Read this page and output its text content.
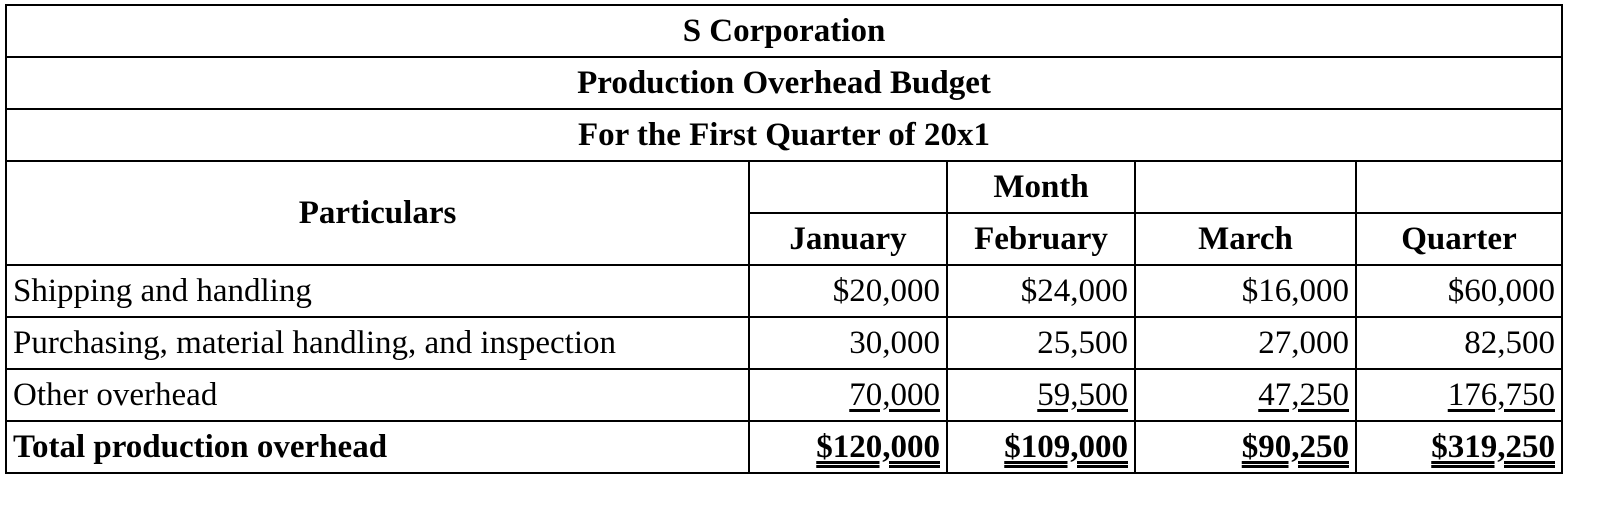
S Corporation				
Production Overhead Budget				
For the First Quarter of 20x1				
Particulars		Month		
	January	February	March	Quarter
Shipping and handling	$20,000	$24,000	$16,000	$60,000
Purchasing, material handling, and inspection	30,000	25,500	27,000	82,500
Other overhead	70,000	59,500	47,250	176,750
Total production overhead	$120,000	$109,000	$90,250	$319,250
